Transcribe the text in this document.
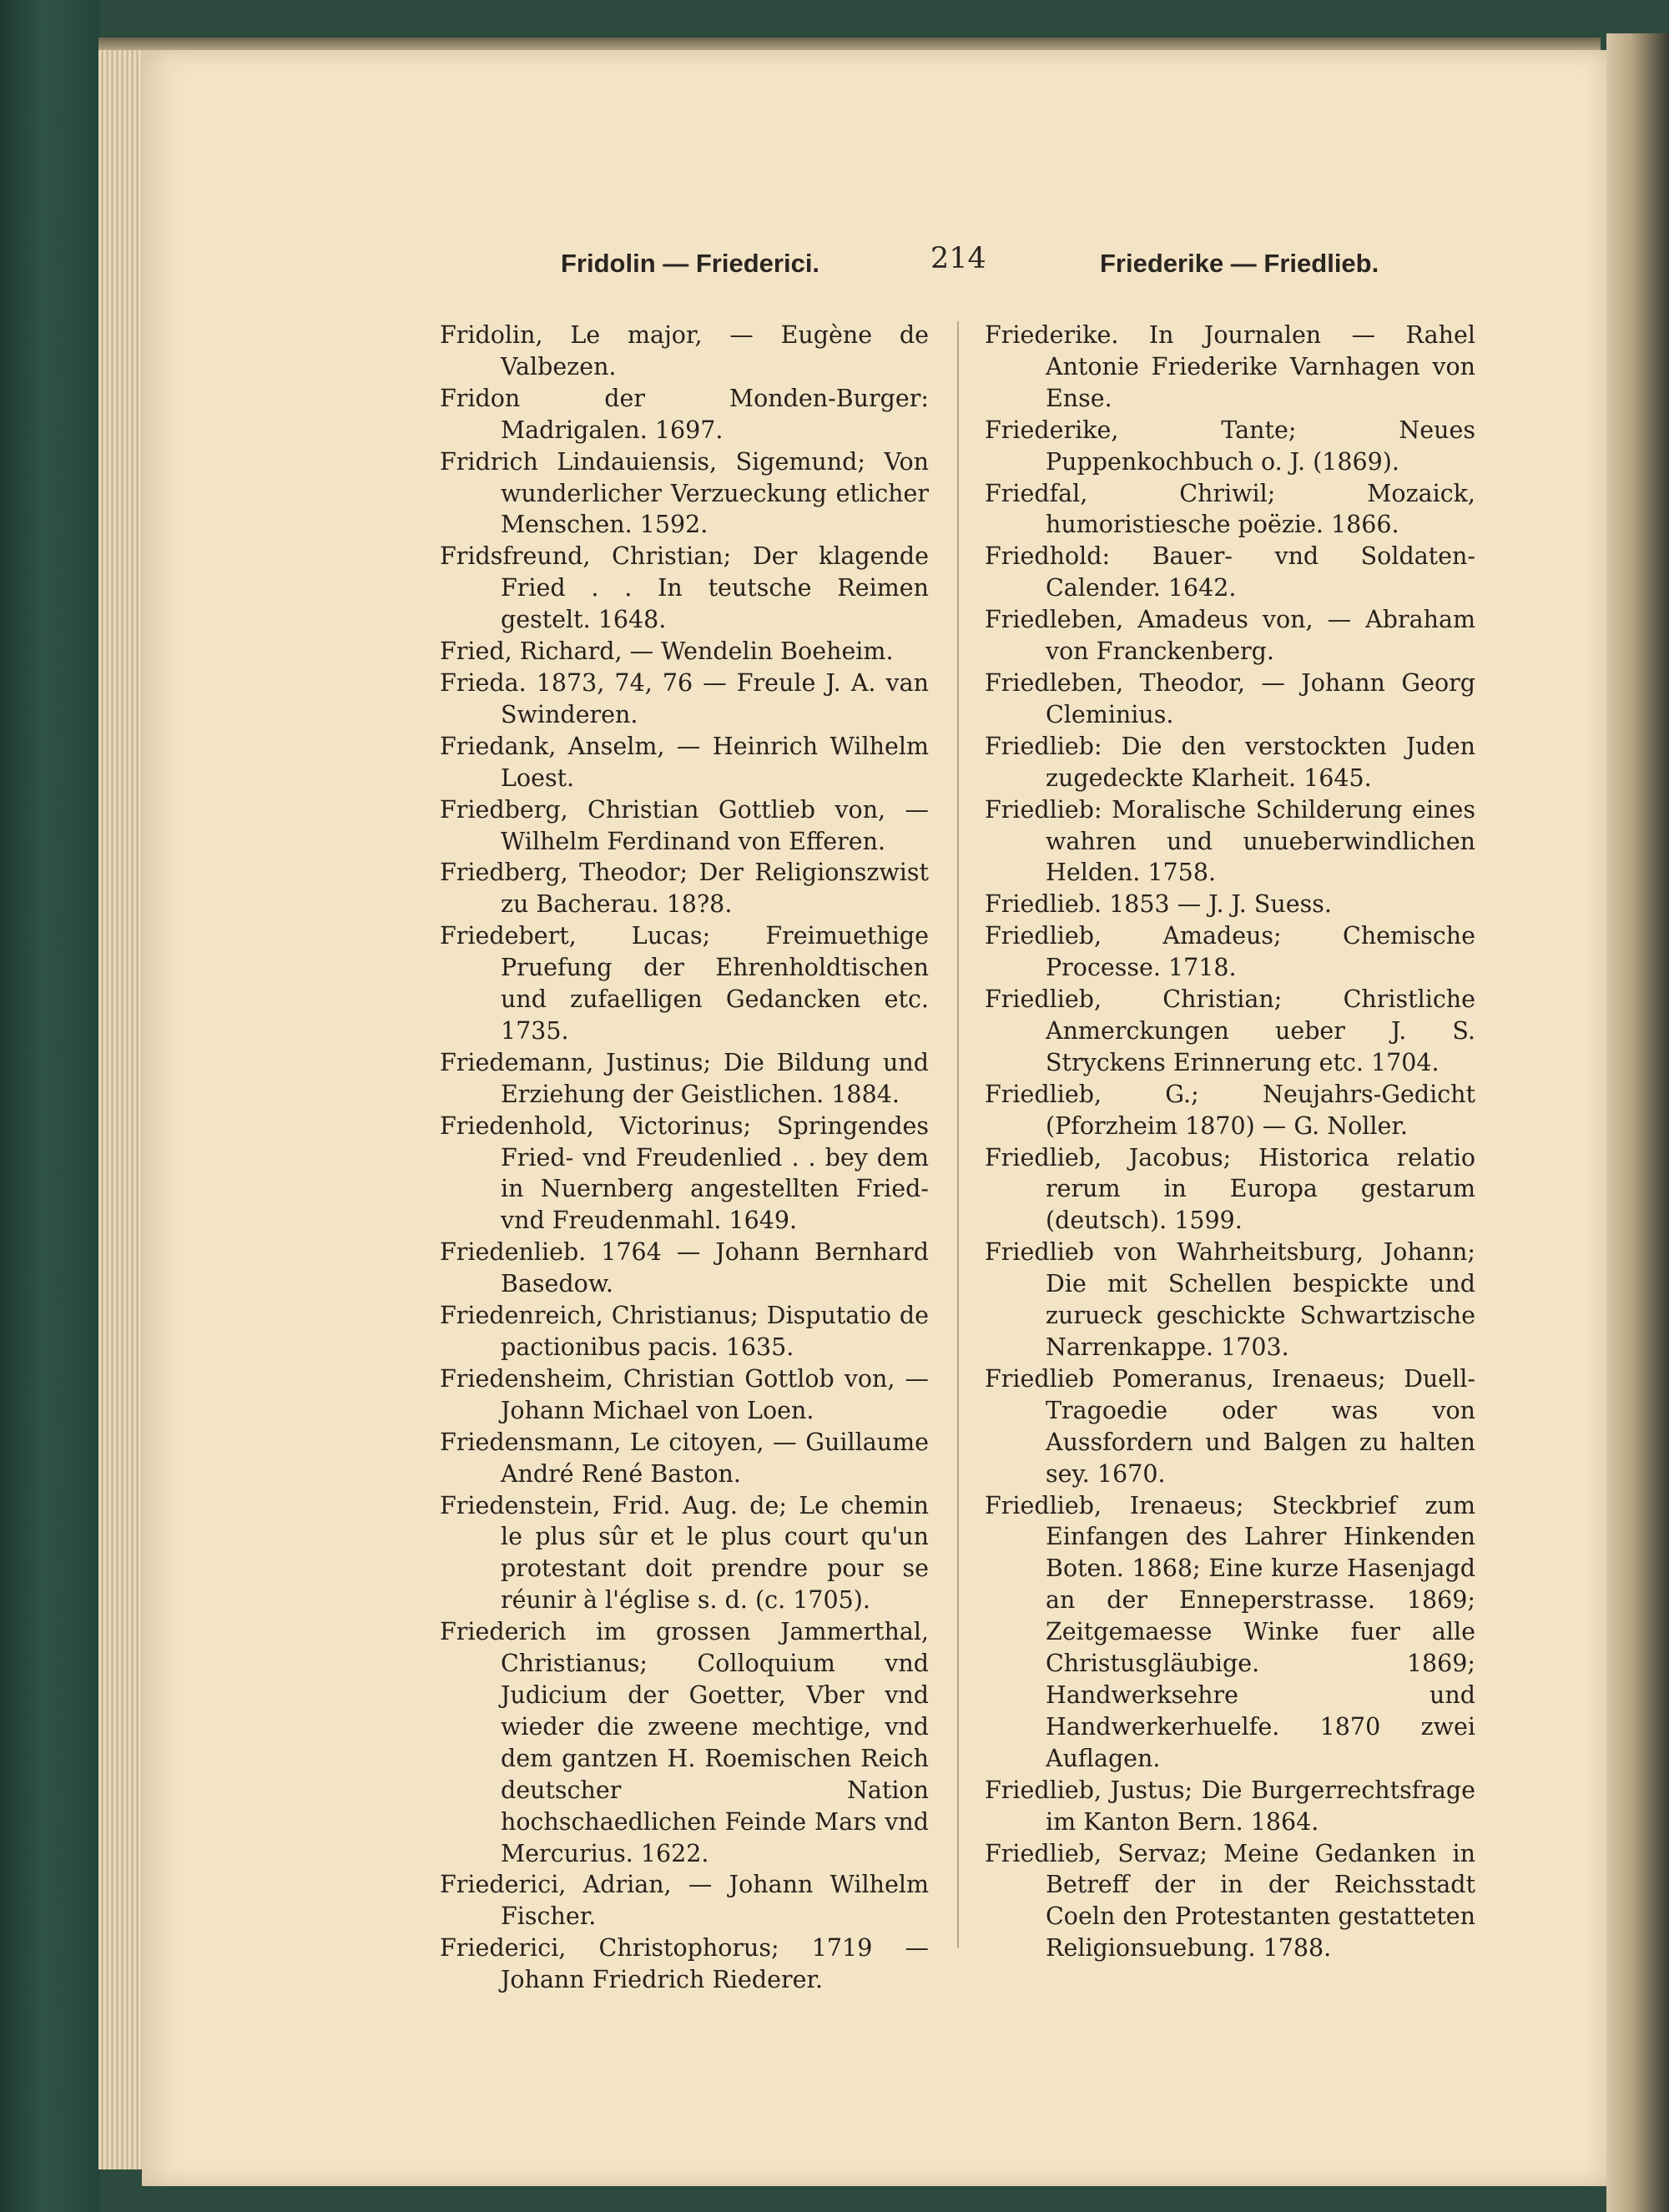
Fridolin — Friederici.	214	Friederike — Friedlieb.
Fridolin, Le major, — Eugène de Valbezen.
Fridon der Monden-Burger: Madrigalen. 1697.
Fridrich Lindauiensis, Sigemund; Von wunderlicher Verzueckung etlicher Menschen. 1592.
Fridsfreund, Christian; Der klagende Fried . . In teutsche Reimen gestelt. 1648.
Fried, Richard, — Wendelin Boeheim.
Frieda. 1873, 74, 76 — Freule J. A. van Swinderen.
Friedank, Anselm, — Heinrich Wilhelm Loest.
Friedberg, Christian Gottlieb von, — Wilhelm Ferdinand von Efferen.
Friedberg, Theodor; Der Religionszwist zu Bacherau. 18?8.
Friedebert, Lucas; Freimuethige Pruefung der Ehrenholdtischen und zufaelligen Gedancken etc. 1735.
Friedemann, Justinus; Die Bildung und Erziehung der Geistlichen. 1884.
Friedenhold, Victorinus; Springendes Fried- vnd Freudenlied . . bey dem in Nuernberg angestellten Fried- vnd Freudenmahl. 1649.
Friedenlieb. 1764 — Johann Bernhard Basedow.
Friedenreich, Christianus; Disputatio de pactionibus pacis. 1635.
Friedensheim, Christian Gottlob von, — Johann Michael von Loen.
Friedensmann, Le citoyen, — Guillaume André René Baston.
Friedenstein, Frid. Aug. de; Le chemin le plus sûr et le plus court qu'un protestant doit prendre pour se réunir à l'église s. d. (c. 1705).
Friederich im grossen Jammerthal, Christianus; Colloquium vnd Judicium der Goetter, Vber vnd wieder die zweene mechtige, vnd dem gantzen H. Roemischen Reich deutscher Nation hochschaedlichen Feinde Mars vnd Mercurius. 1622.
Friederici, Adrian, — Johann Wilhelm Fischer.
Friederici, Christophorus; 1719 — Johann Friedrich Riederer.
Friederike. In Journalen — Rahel Antonie Friederike Varnhagen von Ense.
Friederike, Tante; Neues Puppenkochbuch o. J. (1869).
Friedfal, Chriwil; Mozaick, humoristiesche poëzie. 1866.
Friedhold: Bauer- vnd Soldaten-Calender. 1642.
Friedleben, Amadeus von, — Abraham von Franckenberg.
Friedleben, Theodor, — Johann Georg Cleminius.
Friedlieb: Die den verstockten Juden zugedeckte Klarheit. 1645.
Friedlieb: Moralische Schilderung eines wahren und unueberwindlichen Helden. 1758.
Friedlieb. 1853 — J. J. Suess.
Friedlieb, Amadeus; Chemische Processe. 1718.
Friedlieb, Christian; Christliche Anmerckungen ueber J. S. Stryckens Erinnerung etc. 1704.
Friedlieb, G.; Neujahrs-Gedicht (Pforzheim 1870) — G. Noller.
Friedlieb, Jacobus; Historica relatio rerum in Europa gestarum (deutsch). 1599.
Friedlieb von Wahrheitsburg, Johann; Die mit Schellen bespickte und zurueck geschickte Schwartzische Narrenkappe. 1703.
Friedlieb Pomeranus, Irenaeus; Duell-Tragoedie oder was von Aussfordern und Balgen zu halten sey. 1670.
Friedlieb, Irenaeus; Steckbrief zum Einfangen des Lahrer Hinkenden Boten. 1868; Eine kurze Hasenjagd an der Enneperstrasse. 1869; Zeitgemaesse Winke fuer alle Christusgläubige. 1869; Handwerksehre und Handwerkerhuelfe. 1870 zwei Auflagen.
Friedlieb, Justus; Die Burgerrechtsfrage im Kanton Bern. 1864.
Friedlieb, Servaz; Meine Gedanken in Betreff der in der Reichsstadt Coeln den Protestanten gestatteten Religionsuebung. 1788.
